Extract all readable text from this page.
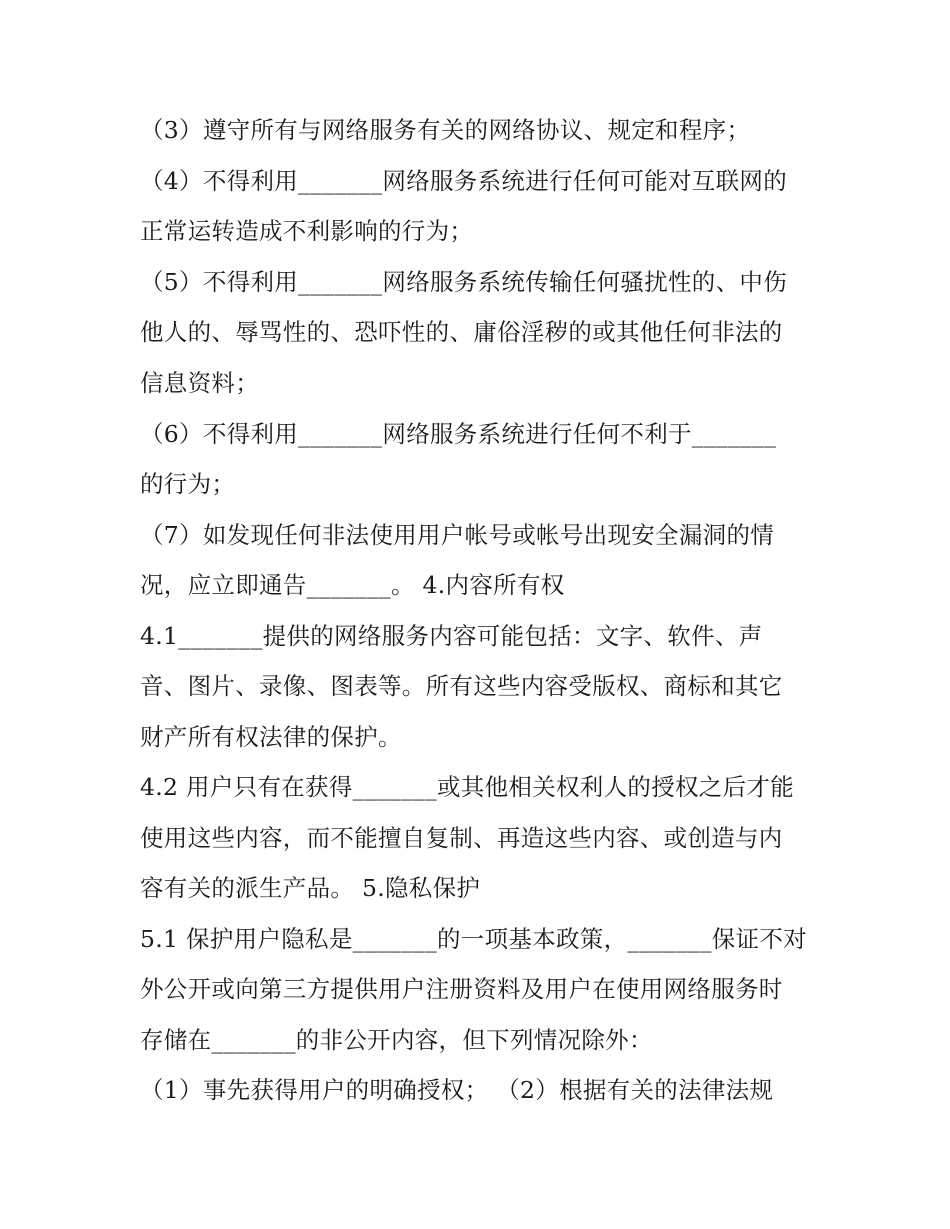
（3）遵守所有与网络服务有关的网络协议、规定和程序；
（4）不得利用_______网络服务系统进行任何可能对互联网的
正常运转造成不利影响的行为；
（5）不得利用_______网络服务系统传输任何骚扰性的、中伤
他人的、辱骂性的、恐吓性的、庸俗淫秽的或其他任何非法的
信息资料；
（6）不得利用_______网络服务系统进行任何不利于_______
的行为；
（7）如发现任何非法使用用户帐号或帐号出现安全漏洞的情
况，应立即通告_______。 4.内容所有权
4.1_______提供的网络服务内容可能包括：文字、软件、声
音、图片、录像、图表等。所有这些内容受版权、商标和其它
财产所有权法律的保护。
4.2 用户只有在获得_______或其他相关权利人的授权之后才能
使用这些内容，而不能擅自复制、再造这些内容、或创造与内
容有关的派生产品。 5.隐私保护
5.1 保护用户隐私是_______的一项基本政策，_______保证不对
外公开或向第三方提供用户注册资料及用户在使用网络服务时
存储在_______的非公开内容，但下列情况除外：
（1）事先获得用户的明确授权； （2）根据有关的法律法规
